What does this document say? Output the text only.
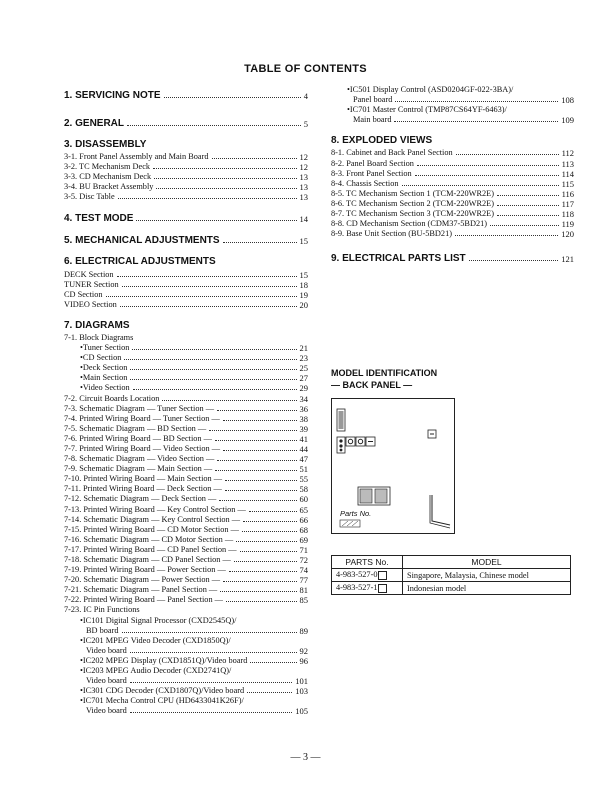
TABLE OF CONTENTS
1. SERVICING NOTE	4
2. GENERAL	5
3. DISASSEMBLY
3-1. Front Panel Assembly and Main Board	12
3-2. TC Mechanism Deck	12
3-3. CD Mechanism Deck	13
3-4. BU Bracket Assembly	13
3-5. Disc Table	13
4. TEST MODE	14
5. MECHANICAL ADJUSTMENTS	15
6. ELECTRICAL ADJUSTMENTS
DECK Section	15
TUNER Section	18
CD Section	19
VIDEO Section	20
7. DIAGRAMS
7-1. Block Diagrams
• Tuner Section	21
• CD Section	23
• Deck Section	25
• Main Section	27
• Video Section	29
7-2. Circuit Boards Location	34
7-3. Schematic Diagram — Tuner Section —	36
7-4. Printed Wiring Board — Tuner Section —	38
7-5. Schematic Diagram — BD Section —	39
7-6. Printed Wiring Board — BD Section —	41
7-7. Printed Wiring Board — Video Section —	44
7-8. Schematic Diagram — Video Section —	47
7-9. Schematic Diagram — Main Section —	51
7-10. Printed Wiring Board — Main Section —	55
7-11. Printed Wiring Board — Deck Section —	58
7-12. Schematic Diagram — Deck Section —	60
7-13. Printed Wiring Board — Key Control Section —	65
7-14. Schematic Diagram — Key Control Section —	66
7-15. Printed Wiring Board — CD Motor Section —	68
7-16. Schematic Diagram — CD Motor Section —	69
7-17. Printed Wiring Board — CD Panel Section —	71
7-18. Schematic Diagram — CD Panel Section —	72
7-19. Printed Wiring Board — Power Section —	74
7-20. Schematic Diagram — Power Section —	77
7-21. Schematic Diagram — Panel Section —	81
7-22. Printed Wiring Board — Panel Section —	85
7-23. IC Pin Functions
• IC101 Digital Signal Processor (CXD2545Q)/
BD board	89
• IC201 MPEG Video Decoder (CXD1850Q)/
Video board	92
• IC202 MPEG Display (CXD1851Q)/Video board	96
• IC203 MPEG Audio Decoder (CXD2741Q)/
Video board	101
• IC301 CDG Decoder (CXD1807Q)/Video board	103
• IC701 Mecha Control CPU (HD6433041K26F)/
Video board	105
• IC501 Display Control (ASD0204GF-022-3BA)/
Panel board	108
• IC701 Master Control (TMP87CS64YF-6463)/
Main board	109
8. EXPLODED VIEWS
8-1. Cabinet and Back Panel Section	112
8-2. Panel Board Section	113
8-3. Front Panel Section	114
8-4. Chassis Section	115
8-5. TC Mechanism Section 1 (TCM-220WR2E)	116
8-6. TC Mechanism Section 2 (TCM-220WR2E)	117
8-7. TC Mechanism Section 3 (TCM-220WR2E)	118
8-8. CD Mechanism Section (CDM37-5BD21)	119
8-9. Base Unit Section (BU-5BD21)	120
9. ELECTRICAL PARTS LIST	121
MODEL IDENTIFICATION
— BACK PANEL —
Parts No.
PARTS No.	MODEL
4-983-527-0	Singapore, Malaysia, Chinese model
4-983-527-1	Indonesian model
— 3 —
